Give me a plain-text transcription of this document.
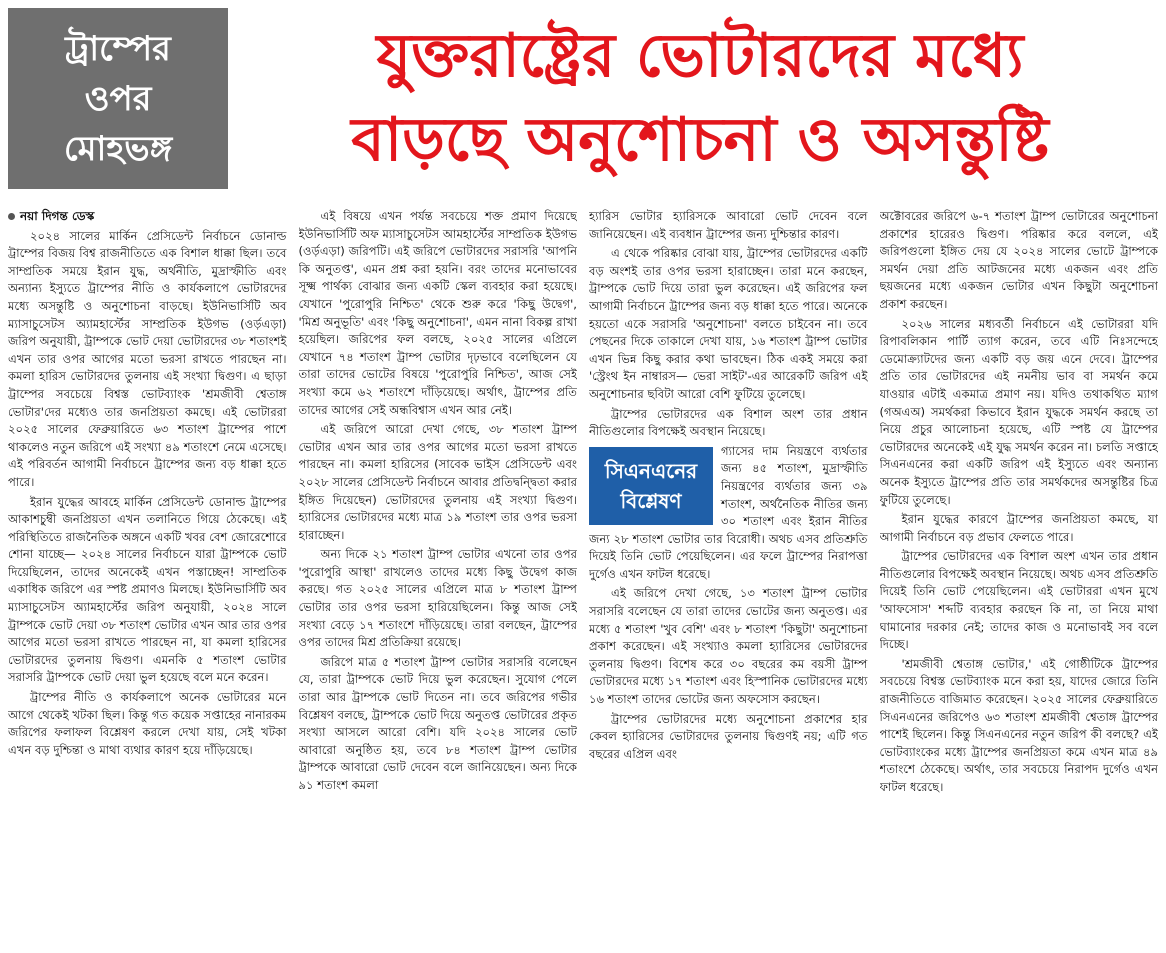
ট্রাম্পের
ওপর
মোহভঙ্গ
যুক্তরাষ্ট্রের ভোটারদের মধ্যে
বাড়ছে অনুশোচনা ও অসন্তুষ্টি
নয়া দিগন্ত ডেস্ক

২০২৪ সালের মার্কিন প্রেসিডেন্ট নির্বাচনে ডোনাল্ড ট্রাম্পের বিজয় বিশ্ব রাজনীতিতে এক বিশাল ধাক্কা ছিল। তবে সাম্প্রতিক সময়ে ইরান যুদ্ধ, অর্থনীতি, মুদ্রাস্ফীতি এবং অন্যান্য ইস্যুতে ট্রাম্পের নীতি ও কার্যকলাপে ভোটারদের মধ্যে অসন্তুষ্টি ও অনুশোচনা বাড়ছে। ইউনিভার্সিটি অব ম্যাসাচুসেটস অ্যামহার্স্টের সাম্প্রতিক ইউগভ (ওর্ড়এড়া) জরিপ অনুযায়ী, ট্রাম্পকে ভোট দেয়া ভোটারদের ৩৮ শতাংশই এখন তার ওপর আগের মতো ভরসা রাখতে পারছেন না। কমলা হারিস ভোটারদের তুলনায় এই সংখ্যা দ্বিগুণ। এ ছাড়া ট্রাম্পের সবচেয়ে বিশ্বস্ত ভোটব্যাংক 'শ্রমজীবী শ্বেতাঙ্গ ভোটার'দের মধ্যেও তার জনপ্রিয়তা কমছে। এই ভোটাররা ২০২৫ সালের ফেব্রুয়ারিতে ৬৩ শতাংশ ট্রাম্পের পাশে থাকলেও নতুন জরিপে এই সংখ্যা ৪৯ শতাংশে নেমে এসেছে। এই পরিবর্তন আগামী নির্বাচনে ট্রাম্পের জন্য বড় ধাক্কা হতে পারে।

ইরান যুদ্ধের আবহে মার্কিন প্রেসিডেন্ট ডোনাল্ড ট্রাম্পের আকাশচুম্বী জনপ্রিয়তা এখন তলানিতে গিয়ে ঠেকেছে। এই পরিস্থিতিতে রাজনৈতিক অঙ্গনে একটি খবর বেশ জোরেশোরে শোনা যাচ্ছে— ২০২৪ সালের নির্বাচনে যারা ট্রাম্পকে ভোট দিয়েছিলেন, তাদের অনেকেই এখন পস্তাচ্ছেন! সাম্প্রতিক একাধিক জরিপে এর স্পষ্ট প্রমাণও মিলছে। ইউনিভার্সিটি অব ম্যাসাচুসেটস অ্যামহার্স্টের জরিপ অনুযায়ী, ২০২৪ সালে ট্রাম্পকে ভোট দেয়া ৩৮ শতাংশ ভোটার এখন আর তার ওপর আগের মতো ভরসা রাখতে পারছেন না, যা কমলা হারিসের ভোটারদের তুলনায় দ্বিগুণ। এমনকি ৫ শতাংশ ভোটার সরাসরি ট্রাম্পকে ভোট দেয়া ভুল হয়েছে বলে মনে করেন।

ট্রাম্পের নীতি ও কার্যকলাপে অনেক ভোটারের মনে আগে থেকেই খটকা ছিল। কিন্তু গত কয়েক সপ্তাহের নানারকম জরিপের ফলাফল বিশ্লেষণ করলে দেখা যায়, সেই খটকা এখন বড় দুশ্চিন্তা ও মাথা ব্যথার কারণ হয়ে দাঁড়িয়েছে।

এই বিষয়ে এখন পর্যন্ত সবচেয়ে শক্ত প্রমাণ দিয়েছে ইউনিভার্সিটি অফ ম্যাসাচুসেটস আমহার্স্টের সাম্প্রতিক ইউগভ (ওর্ড়এড়া) জরিপটি। এই জরিপে ভোটারদের সরাসরি 'আপনি কি অনুতপ্ত', এমন প্রশ্ন করা হয়নি। বরং তাদের মনোভাবের সূক্ষ্ম পার্থক্য বোঝার জন্য একটি স্কেল ব্যবহার করা হয়েছে। যেখানে 'পুরোপুরি নিশ্চিত' থেকে শুরু করে 'কিছু উদ্বেগ', 'মিশ্র অনুভূতি' এবং 'কিছু অনুশোচনা', এমন নানা বিকল্প রাখা হয়েছিল। জরিপের ফল বলছে, ২০২৫ সালের এপ্রিলে যেখানে ৭৪ শতাংশ ট্রাম্প ভোটার দৃঢ়ভাবে বলেছিলেন যে তারা তাদের ভোটের বিষয়ে 'পুরোপুরি নিশ্চিত', আজ সেই সংখ্যা কমে ৬২ শতাংশে দাঁড়িয়েছে। অর্থাৎ, ট্রাম্পের প্রতি তাদের আগের সেই অন্ধবিশ্বাস এখন আর নেই।

এই জরিপে আরো দেখা গেছে, ৩৮ শতাংশ ট্রাম্প ভোটার এখন আর তার ওপর আগের মতো ভরসা রাখতে পারছেন না। কমলা হারিসের (সাবেক ভাইস প্রেসিডেন্ট এবং ২০২৮ সালের প্রেসিডেন্ট নির্বাচনে আবার প্রতিদ্বন্দ্বিতা করার ইঙ্গিত দিয়েছেন) ভোটারদের তুলনায় এই সংখ্যা দ্বিগুণ। হ্যারিসের ভোটারদের মধ্যে মাত্র ১৯ শতাংশ তার ওপর ভরসা হারাচ্ছেন।

অন্য দিকে ২১ শতাংশ ট্রাম্প ভোটার এখনো তার ওপর 'পুরোপুরি আস্থা' রাখলেও তাদের মধ্যে কিছু উদ্বেগ কাজ করছে। গত ২০২৫ সালের এপ্রিলে মাত্র ৮ শতাংশ ট্রাম্প ভোটার তার ওপর ভরসা হারিয়েছিলেন। কিন্তু আজ সেই সংখ্যা বেড়ে ১৭ শতাংশে দাঁড়িয়েছে। তারা বলছেন, ট্রাম্পের ওপর তাদের মিশ্র প্রতিক্রিয়া রয়েছে।

জরিপে মাত্র ৫ শতাংশ ট্রাম্প ভোটার সরাসরি বলেছেন যে, তারা ট্রাম্পকে ভোট দিয়ে ভুল করেছেন। সুযোগ পেলে তারা আর ট্রাম্পকে ভোট দিতেন না। তবে জরিপের গভীর বিশ্লেষণ বলছে, ট্রাম্পকে ভোট দিয়ে অনুতপ্ত ভোটারের প্রকৃত সংখ্যা আসলে আরো বেশি। যদি ২০২৪ সালের ভোট আবারো অনুষ্ঠিত হয়, তবে ৮৪ শতাংশ ট্রাম্প ভোটার ট্রাম্পকে আবারো ভোট দেবেন বলে জানিয়েছেন। অন্য দিকে ৯১ শতাংশ কমলা

হ্যারিস ভোটার হ্যারিসকে আবারো ভোট দেবেন বলে জানিয়েছেন। এই ব্যবধান ট্রাম্পের জন্য দুশ্চিন্তার কারণ।

এ থেকে পরিষ্কার বোঝা যায়, ট্রাম্পের ভোটারদের একটি বড় অংশই তার ওপর ভরসা হারাচ্ছেন। তারা মনে করছেন, ট্রাম্পকে ভোট দিয়ে তারা ভুল করেছেন। এই জরিপের ফল আগামী নির্বাচনে ট্রাম্পের জন্য বড় ধাক্কা হতে পারে। অনেকে হয়তো একে সরাসরি 'অনুশোচনা' বলতে চাইবেন না। তবে পেছনের দিকে তাকালে দেখা যায়, ১৬ শতাংশ ট্রাম্প ভোটার এখন ভিন্ন কিছু করার কথা ভাবছেন। ঠিক একই সময়ে করা 'স্ট্রেংথ ইন নাম্বারস— ভেরা সাইট'-এর আরেকটি জরিপ এই অনুশোচনার ছবিটা আরো বেশি ফুটিয়ে তুলেছে।

ট্রাম্পের ভোটারদের এক বিশাল অংশ তার প্রধান নীতিগুলোর বিপক্ষেই অবস্থান নিয়েছে।

সিএনএনের
বিশ্লেষণ

গ্যাসের দাম নিয়ন্ত্রণে ব্যর্থতার জন্য ৪৫ শতাংশ, মুদ্রাস্ফীতি নিয়ন্ত্রণের ব্যর্থতার জন্য ৩৯ শতাংশ, অর্থনৈতিক নীতির জন্য ৩০ শতাংশ এবং ইরান নীতির জন্য ২৮ শতাংশ ভোটার তার বিরোধী। অথচ এসব প্রতিশ্রুতি দিয়েই তিনি ভোট পেয়েছিলেন। এর ফলে ট্রাম্পের নিরাপত্তা দুর্গেও এখন ফাটল ধরেছে।

এই জরিপে দেখা গেছে, ১৩ শতাংশ ট্রাম্প ভোটার সরাসরি বলেছেন যে তারা তাদের ভোটের জন্য অনুতপ্ত। এর মধ্যে ৫ শতাংশ 'খুব বেশি' এবং ৮ শতাংশ 'কিছুটা' অনুশোচনা প্রকাশ করেছেন। এই সংখ্যাও কমলা হ্যারিসের ভোটারদের তুলনায় দ্বিগুণ। বিশেষ করে ৩০ বছরের কম বয়সী ট্রাম্প ভোটারদের মধ্যে ১৭ শতাংশ এবং হিস্পানিক ভোটারদের মধ্যে ১৬ শতাংশ তাদের ভোটের জন্য অফসোস করছেন।

ট্রাম্পের ভোটারদের মধ্যে অনুশোচনা প্রকাশের হার কেবল হ্যারিসের ভোটারদের তুলনায় দ্বিগুণই নয়; এটি গত বছরের এপ্রিল এবং

অক্টোবরের জরিপে ৬-৭ শতাংশ ট্রাম্প ভোটারের অনুশোচনা প্রকাশের হারেরও দ্বিগুণ। পরিষ্কার করে বললে, এই জরিপগুলো ইঙ্গিত দেয় যে ২০২৪ সালের ভোটে ট্রাম্পকে সমর্থন দেয়া প্রতি আটজনের মধ্যে একজন এবং প্রতি ছয়জনের মধ্যে একজন ভোটার এখন কিছুটা অনুশোচনা প্রকাশ করছেন।

২০২৬ সালের মধ্যবর্তী নির্বাচনে এই ভোটাররা যদি রিপাবলিকান পার্টি ত্যাগ করেন, তবে এটি নিঃসন্দেহে ডেমোক্র্যাটদের জন্য একটি বড় জয় এনে দেবে। ট্রাম্পের প্রতি তার ভোটারদের এই নমনীয় ভাব বা সমর্থন কমে যাওয়ার এটাই একমাত্র প্রমাণ নয়। যদিও তথাকথিত ম্যাগ (গঅএঅ) সমর্থকরা কিভাবে ইরান যুদ্ধকে সমর্থন করছে তা নিয়ে প্রচুর আলোচনা হয়েছে, এটি স্পষ্ট যে ট্রাম্পের ভোটারদের অনেকেই এই যুদ্ধ সমর্থন করেন না। চলতি সপ্তাহে সিএনএনের করা একটি জরিপ এই ইস্যুতে এবং অন্যান্য অনেক ইস্যুতে ট্রাম্পের প্রতি তার সমর্থকদের অসন্তুষ্টির চিত্র ফুটিয়ে তুলেছে।

ইরান যুদ্ধের কারণে ট্রাম্পের জনপ্রিয়তা কমছে, যা আগামী নির্বাচনে বড় প্রভাব ফেলতে পারে।

ট্রাম্পের ভোটারদের এক বিশাল অংশ এখন তার প্রধান নীতিগুলোর বিপক্ষেই অবস্থান নিয়েছে। অথচ এসব প্রতিশ্রুতি দিয়েই তিনি ভোট পেয়েছিলেন। এই ভোটাররা এখন মুখে 'আফসোস' শব্দটি ব্যবহার করছেন কি না, তা নিয়ে মাথা ঘামানোর দরকার নেই; তাদের কাজ ও মনোভাবই সব বলে দিচ্ছে।

'শ্রমজীবী শ্বেতাঙ্গ ভোটার,' এই গোষ্ঠীটিকে ট্রাম্পের সবচেয়ে বিশ্বস্ত ভোটব্যাংক মনে করা হয়, যাদের জোরে তিনি রাজনীতিতে বাজিমাত করেছেন। ২০২৫ সালের ফেব্রুয়ারিতে সিএনএনের জরিপেও ৬৩ শতাংশ শ্রমজীবী শ্বেতাঙ্গ ট্রাম্পের পাশেই ছিলেন। কিন্তু সিএনএনের নতুন জরিপ কী বলছে? এই ভোটব্যাংকের মধ্যে ট্রাম্পের জনপ্রিয়তা কমে এখন মাত্র ৪৯ শতাংশে ঠেকেছে। অর্থাৎ, তার সবচেয়ে নিরাপদ দুর্গেও এখন ফাটল ধরেছে।
